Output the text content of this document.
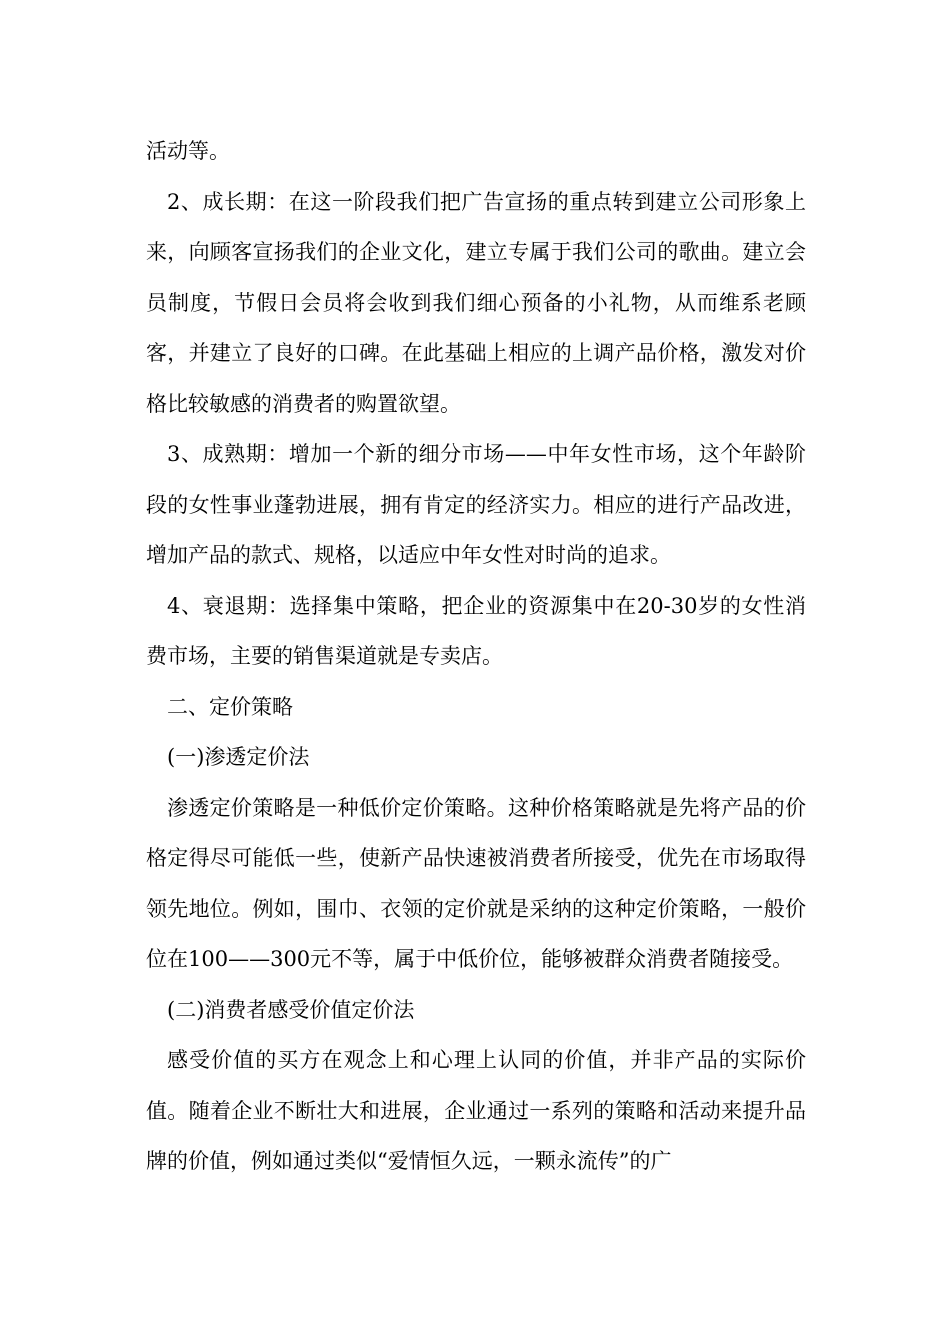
活动等。

2、成长期：在这一阶段我们把广告宣扬的重点转到建立公司形象上来，向顾客宣扬我们的企业文化，建立专属于我们公司的歌曲。建立会员制度，节假日会员将会收到我们细心预备的小礼物，从而维系老顾客，并建立了良好的口碑。在此基础上相应的上调产品价格，激发对价格比较敏感的消费者的购置欲望。

3、成熟期：增加一个新的细分市场——中年女性市场，这个年龄阶段的女性事业蓬勃进展，拥有肯定的经济实力。相应的进行产品改进，增加产品的款式、规格，以适应中年女性对时尚的追求。

4、衰退期：选择集中策略，把企业的资源集中在20-30岁的女性消费市场，主要的销售渠道就是专卖店。

二、定价策略

(一)渗透定价法

渗透定价策略是一种低价定价策略。这种价格策略就是先将产品的价格定得尽可能低一些，使新产品快速被消费者所接受，优先在市场取得领先地位。例如，围巾、衣领的定价就是采纳的这种定价策略，一般价位在100——300元不等，属于中低价位，能够被群众消费者随接受。

(二)消费者感受价值定价法

感受价值的买方在观念上和心理上认同的价值，并非产品的实际价值。随着企业不断壮大和进展，企业通过一系列的策略和活动来提升品牌的价值，例如通过类似“爱情恒久远，一颗永流传”的广
